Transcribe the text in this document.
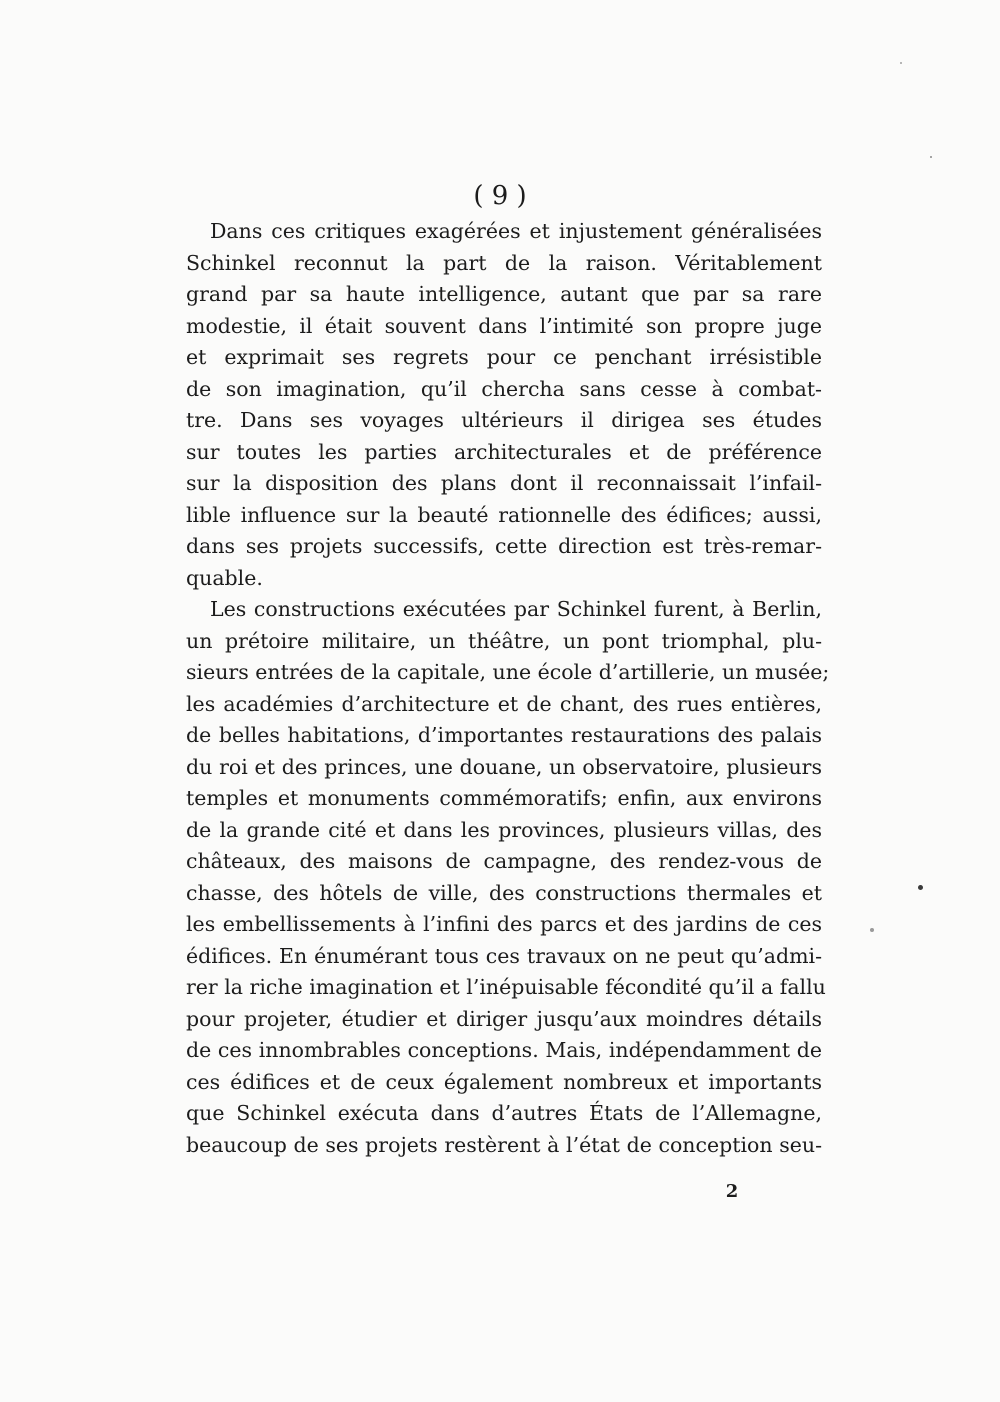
( 9 )
Dans ces critiques exagérées et injustement généralisées
Schinkel reconnut la part de la raison. Véritablement
grand par sa haute intelligence, autant que par sa rare
modestie, il était souvent dans l’intimité son propre juge
et exprimait ses regrets pour ce penchant irrésistible
de son imagination, qu’il chercha sans cesse à combat-
tre. Dans ses voyages ultérieurs il dirigea ses études
sur toutes les parties architecturales et de préférence
sur la disposition des plans dont il reconnaissait l’infail-
lible influence sur la beauté rationnelle des édifices; aussi,
dans ses projets successifs, cette direction est très-remar-
quable.
Les constructions exécutées par Schinkel furent, à Berlin,
un prétoire militaire, un théâtre, un pont triomphal, plu-
sieurs entrées de la capitale, une école d’artillerie, un musée;
les académies d’architecture et de chant, des rues entières,
de belles habitations, d’importantes restaurations des palais
du roi et des princes, une douane, un observatoire, plusieurs
temples et monuments commémoratifs; enfin, aux environs
de la grande cité et dans les provinces, plusieurs villas, des
châteaux, des maisons de campagne, des rendez-vous de
chasse, des hôtels de ville, des constructions thermales et
les embellissements à l’infini des parcs et des jardins de ces
édifices. En énumérant tous ces travaux on ne peut qu’admi-
rer la riche imagination et l’inépuisable fécondité qu’il a fallu
pour projeter, étudier et diriger jusqu’aux moindres détails
de ces innombrables conceptions. Mais, indépendamment de
ces édifices et de ceux également nombreux et importants
que Schinkel exécuta dans d’autres États de l’Allemagne,
beaucoup de ses projets restèrent à l’état de conception seu-
2
